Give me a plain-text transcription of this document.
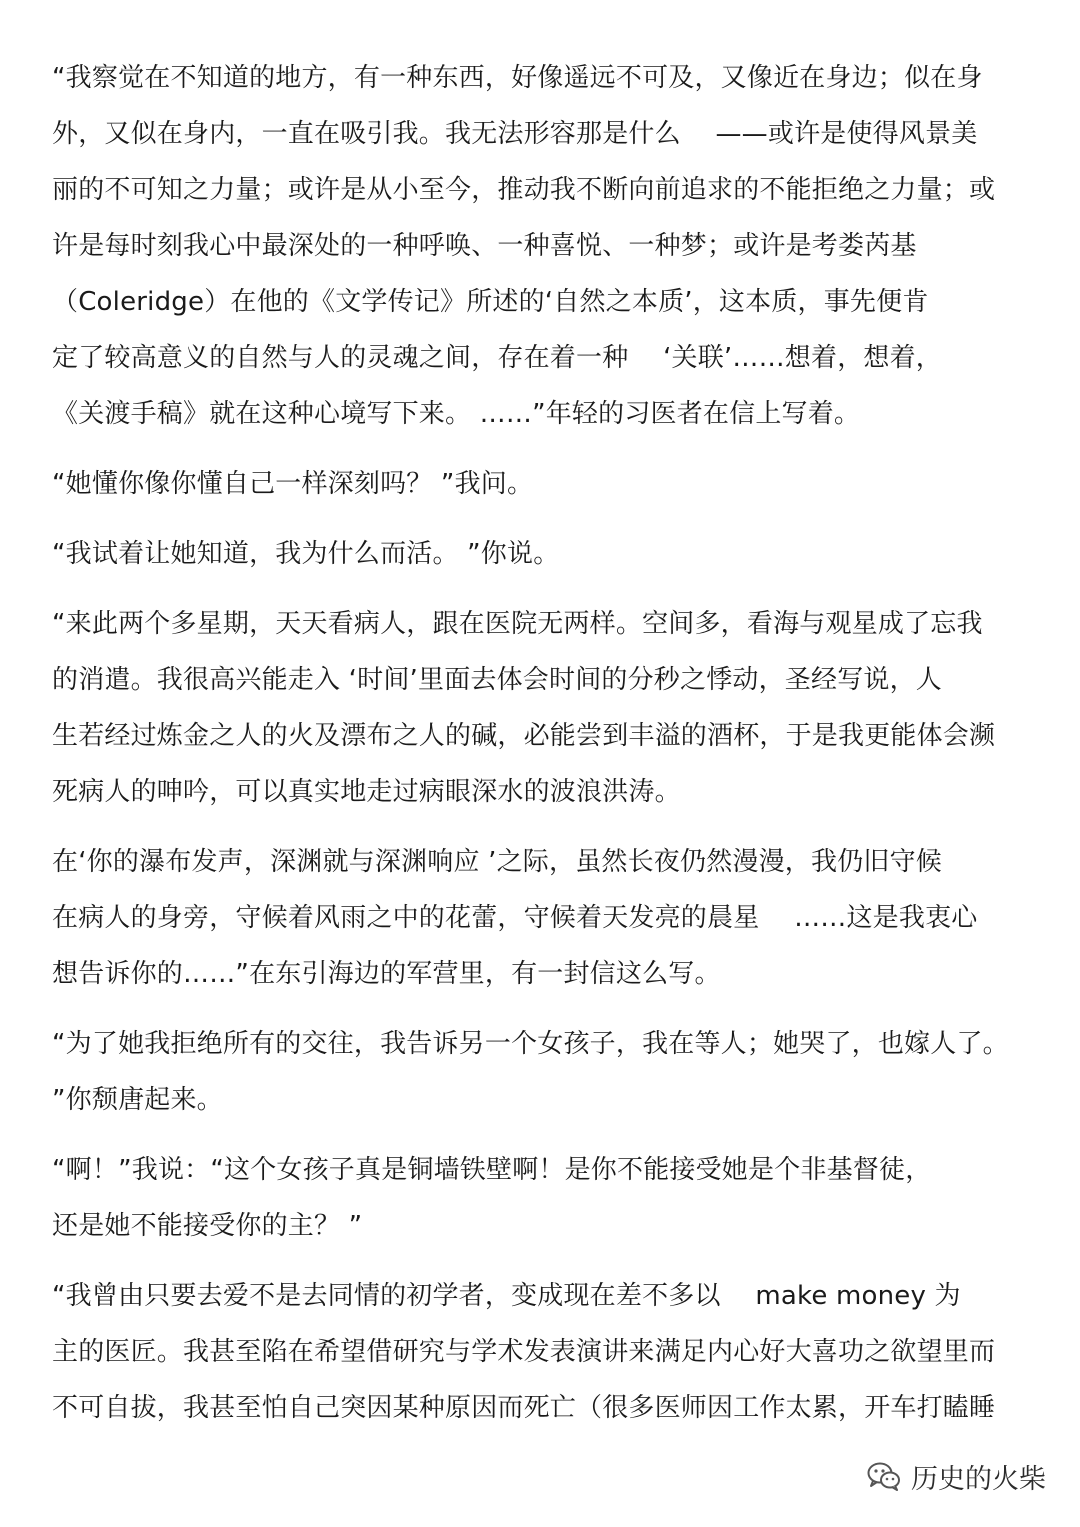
“我察觉在不知道的地方，有一种东西，好像遥远不可及，又像近在身边；似在身
外，又似在身内，一直在吸引我。我无法形容那是什么　 ——或许是使得风景美
丽的不可知之力量；或许是从小至今，推动我不断向前追求的不能拒绝之力量；或
许是每时刻我心中最深处的一种呼唤、一种喜悦、一种梦；或许是考娄芮基
（Coleridge）在他的《文学传记》所述的‘自然之本质’，这本质，事先便肯
定了较高意义的自然与人的灵魂之间，存在着一种　 ‘关联’……想着，想着，
《关渡手稿》就在这种心境写下来。 ……”年轻的习医者在信上写着。
“她懂你像你懂自己一样深刻吗？ ”我问。
“我试着让她知道，我为什么而活。 ”你说。
“来此两个多星期，天天看病人，跟在医院无两样。空间多，看海与观星成了忘我
的消遣。我很高兴能走入 ‘时间’里面去体会时间的分秒之悸动，圣经写说，人
生若经过炼金之人的火及漂布之人的碱，必能尝到丰溢的酒杯，于是我更能体会濒
死病人的呻吟，可以真实地走过病眼深水的波浪洪涛。
在‘你的瀑布发声，深渊就与深渊响应 ’之际，虽然长夜仍然漫漫，我仍旧守候
在病人的身旁，守候着风雨之中的花蕾，守候着天发亮的晨星　 ……这是我衷心
想告诉你的……”在东引海边的军营里，有一封信这么写。
“为了她我拒绝所有的交往，我告诉另一个女孩子，我在等人；她哭了，也嫁人了。
”你颓唐起来。
“啊！”我说：“这个女孩子真是铜墙铁壁啊！是你不能接受她是个非基督徒，
还是她不能接受你的主？ ”
“我曾由只要去爱不是去同情的初学者，变成现在差不多以　 make money 为
主的医匠。我甚至陷在希望借研究与学术发表演讲来满足内心好大喜功之欲望里而
不可自拔，我甚至怕自己突因某种原因而死亡（很多医师因工作太累，开车打瞌睡
历史的火柴
